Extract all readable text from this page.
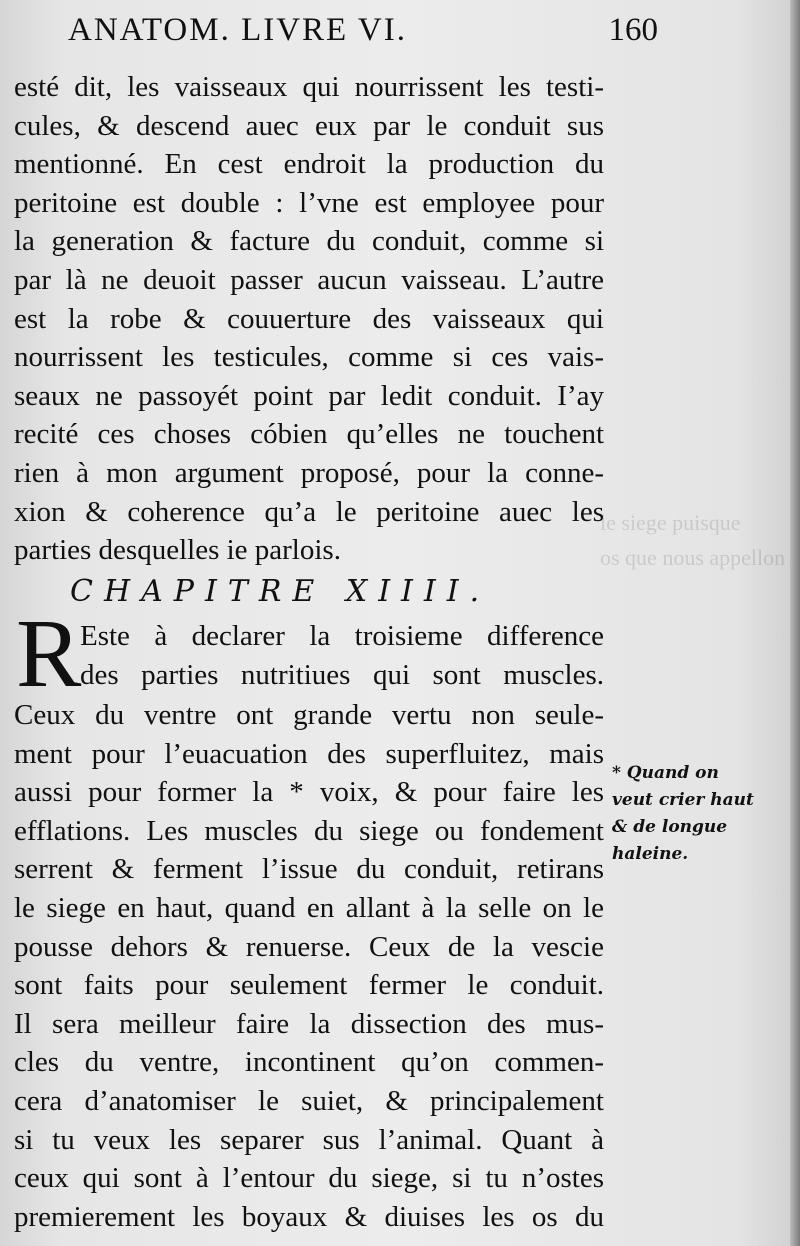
le siege puisque
os que nous appellon
ANATOM. LIVRE VI.	160
esté dit, les vaisseaux qui nourrissent les testi-
cules, & descend auec eux par le conduit sus
mentionné. En cest endroit la production du
peritoine est double : l’vne est employee pour
la generation & facture du conduit, comme si
par là ne deuoit passer aucun vaisseau. L’autre
est la robe & couuerture des vaisseaux qui
nourrissent les testicules, comme si ces vais-
seaux ne passoyét point par ledit conduit. I’ay
recité ces choses cóbien qu’elles ne touchent
rien à mon argument proposé, pour la conne-
xion & coherence qu’a le peritoine auec les
parties desquelles ie parlois.
CHAPITRE XIIII.
R
Este à declarer la troisieme difference
des parties nutritiues qui sont muscles.
Ceux du ventre ont grande vertu non seule-
ment pour l’euacuation des superfluitez, mais
aussi pour former la * voix, & pour faire les
efflations. Les muscles du siege ou fondement
serrent & ferment l’issue du conduit, retirans
le siege en haut, quand en allant à la selle on le
pousse dehors & renuerse. Ceux de la vescie
sont faits pour seulement fermer le conduit.
Il sera meilleur faire la dissection des mus-
cles du ventre, incontinent qu’on commen-
cera d’anatomiser le suiet, & principalement
si tu veux les separer sus l’animal. Quant à
ceux qui sont à l’entour du siege, si tu n’ostes
premierement les boyaux & diuises les os du
* Quand on
veut crier haut
& de longue
haleine.
